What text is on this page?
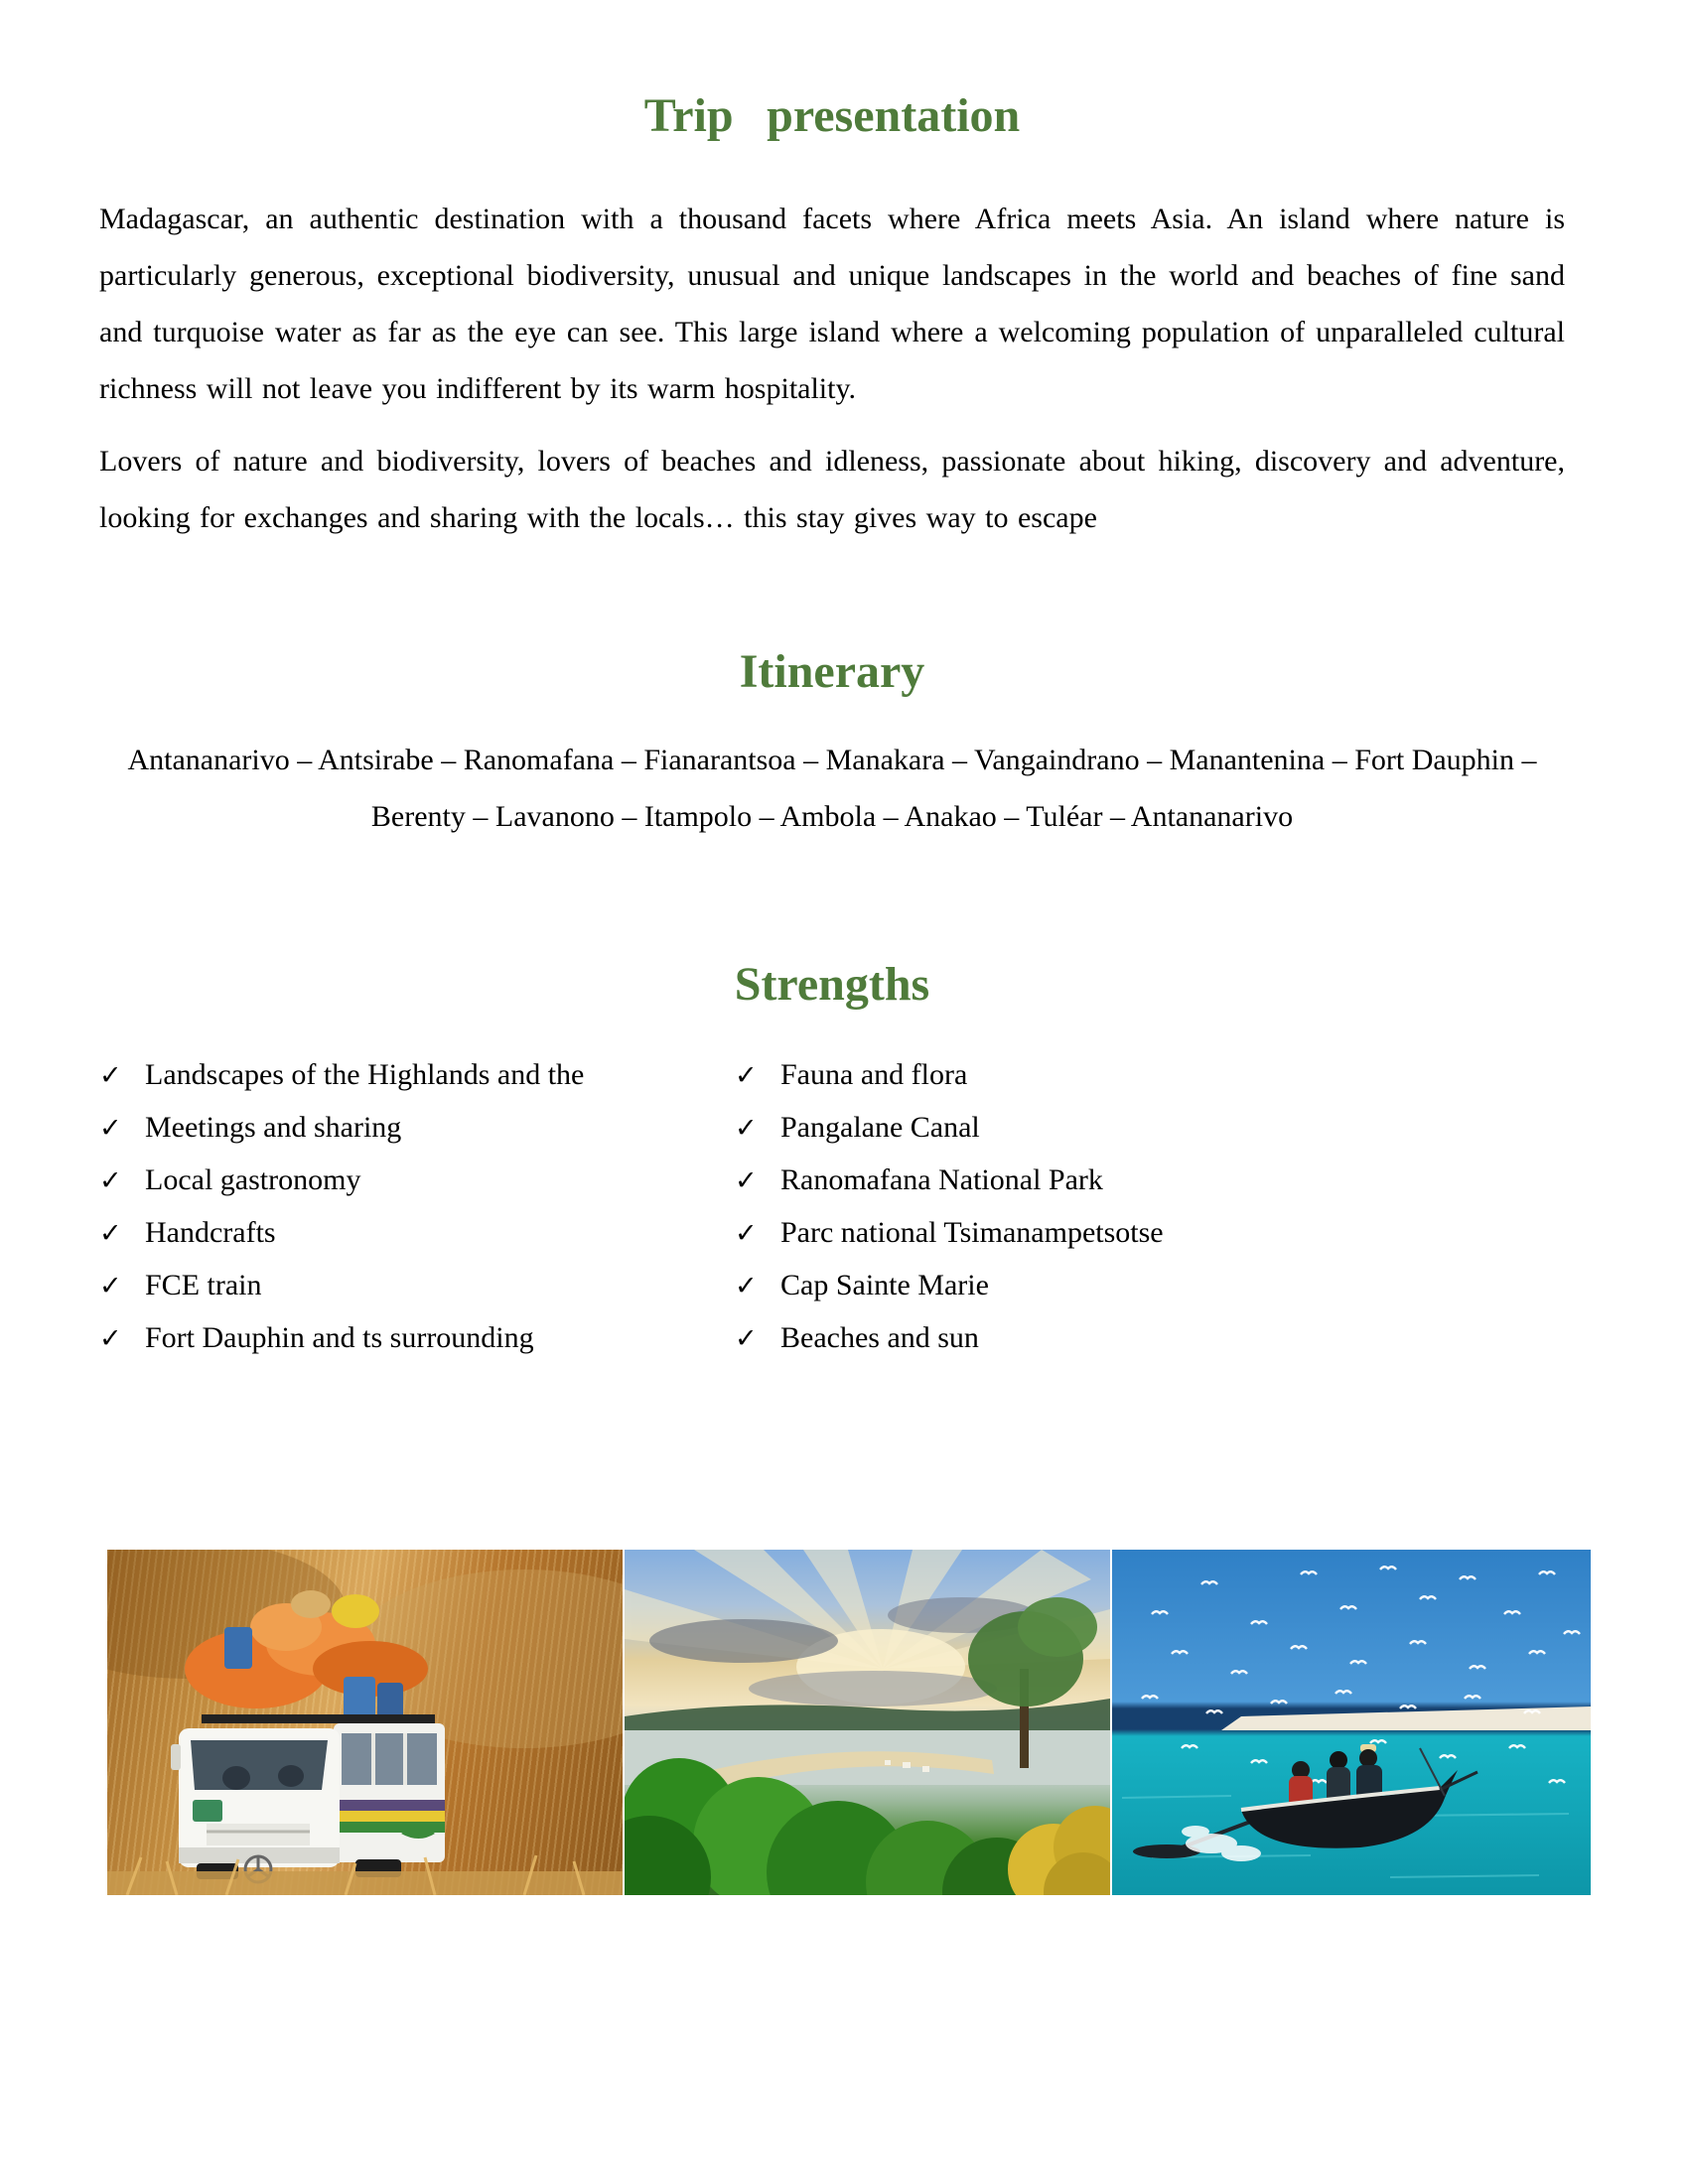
Trip presentation

Madagascar, an authentic destination with a thousand facets where Africa meets Asia. An island where nature is particularly generous, exceptional biodiversity, unusual and unique landscapes in the world and beaches of fine sand and turquoise water as far as the eye can see. This large island where a welcoming population of unparalleled cultural richness will not leave you indifferent by its warm hospitality.

Lovers of nature and biodiversity, lovers of beaches and idleness, passionate about hiking, discovery and adventure, looking for exchanges and sharing with the locals… this stay gives way to escape

Itinerary
Antananarivo – Antsirabe – Ranomafana – Fianarantsoa – Manakara – Vangaindrano – Manantenina – Fort Dauphin –
Berenty – Lavanono – Itampolo – Ambola – Anakao – Tuléar – Antananarivo
Strengths
✓ Landscapes of the Highlands and the
✓ Meetings and sharing
✓ Local gastronomy
✓ Handcrafts
✓ FCE train
✓ Fort Dauphin and ts surrounding
✓ Fauna and flora
✓ Pangalane Canal
✓ Ranomafana National Park
✓ Parc national Tsimanampetsotse
✓ Cap Sainte Marie
✓ Beaches and sun
